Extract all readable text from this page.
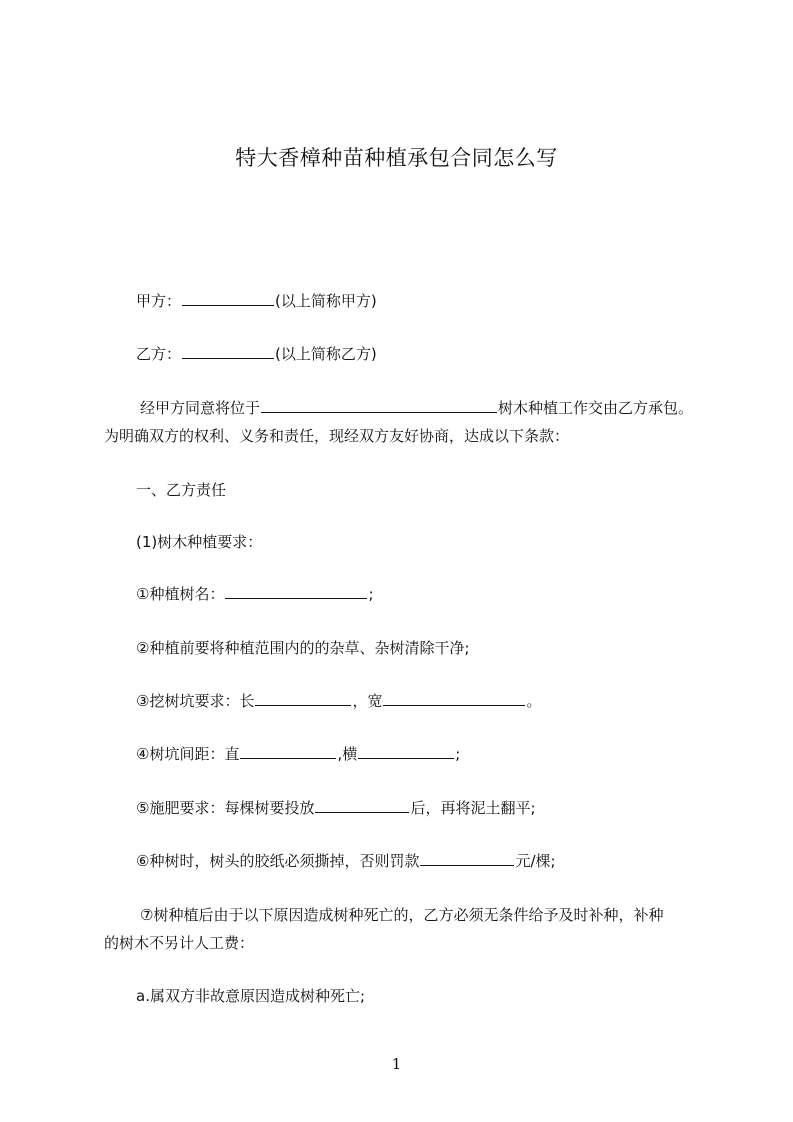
特大香樟种苗种植承包合同怎么写
甲方：	(以上简称甲方)
乙方：	(以上简称乙方)
经甲方同意将位于	树木种植工作交由乙方承包。
为明确双方的权利、义务和责任，现经双方友好协商，达成以下条款：
一、乙方责任
(1)树木种植要求：
①种植树名：	;
②种植前要将种植范围内的的杂草、杂树清除干净;
③挖树坑要求：长	，宽	。
④树坑间距：直	,横	;
⑤施肥要求：每棵树要投放	后，再将泥土翻平;
⑥种树时，树头的胶纸必须撕掉，否则罚款	元/棵;
⑦树种植后由于以下原因造成树种死亡的，乙方必须无条件给予及时补种，补种
的树木不另计人工费：
a.属双方非故意原因造成树种死亡;
1
